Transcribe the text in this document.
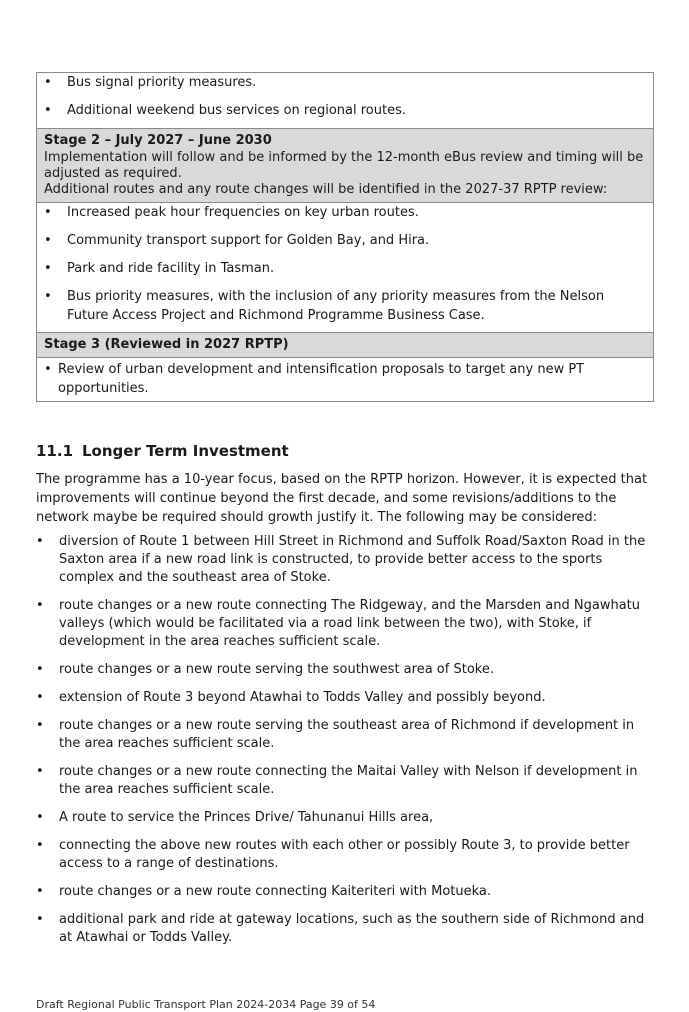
• Bus signal priority measures.
• Additional weekend bus services on regional routes.

Stage 2 – July 2027 – June 2030

Implementation will follow and be informed by the 12-month eBus review and timing will be adjusted as required.

Additional routes and any route changes will be identified in the 2027-37 RPTP review:

• Increased peak hour frequencies on key urban routes.
• Community transport support for Golden Bay, and Hira.
• Park and ride facility in Tasman.
• Bus priority measures, with the inclusion of any priority measures from the Nelson Future Access Project and Richmond Programme Business Case.

Stage 3 (Reviewed in 2027 RPTP)

• Review of urban development and intensification proposals to target any new PT opportunities.
11.1 Longer Term Investment

The programme has a 10-year focus, based on the RPTP horizon. However, it is expected that improvements will continue beyond the first decade, and some revisions/additions to the network maybe be required should growth justify it. The following may be considered:

• diversion of Route 1 between Hill Street in Richmond and Suffolk Road/Saxton Road in the Saxton area if a new road link is constructed, to provide better access to the sports complex and the southeast area of Stoke.
• route changes or a new route connecting The Ridgeway, and the Marsden and Ngawhatu valleys (which would be facilitated via a road link between the two), with Stoke, if development in the area reaches sufficient scale.
• route changes or a new route serving the southwest area of Stoke.
• extension of Route 3 beyond Atawhai to Todds Valley and possibly beyond.
• route changes or a new route serving the southeast area of Richmond if development in the area reaches sufficient scale.
• route changes or a new route connecting the Maitai Valley with Nelson if development in the area reaches sufficient scale.
• A route to service the Princes Drive/ Tahunanui Hills area,
• connecting the above new routes with each other or possibly Route 3, to provide better access to a range of destinations.
• route changes or a new route connecting Kaiteriteri with Motueka.
• additional park and ride at gateway locations, such as the southern side of Richmond and at Atawhai or Todds Valley.
Draft Regional Public Transport Plan 2024-2034 Page 39 of 54
